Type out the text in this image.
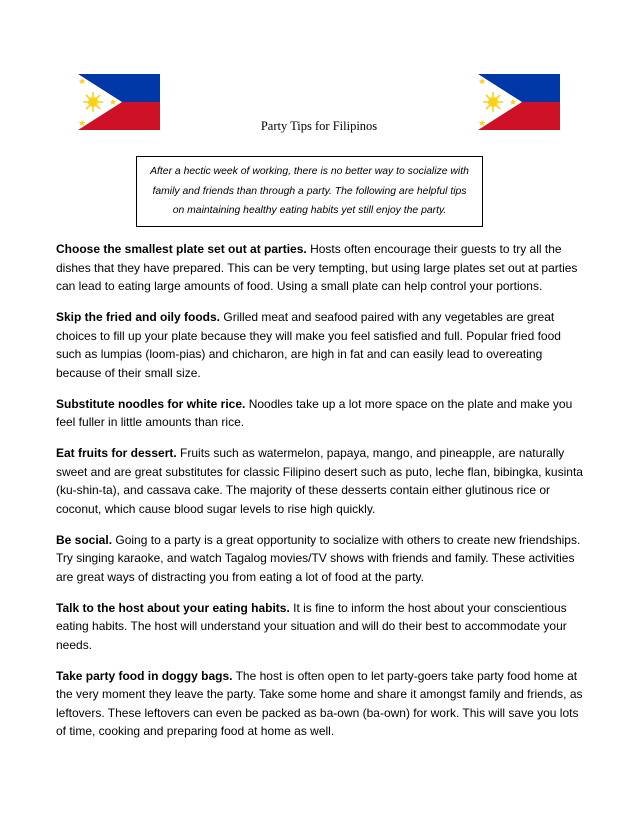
Party Tips for Filipinos
After a hectic week of working, there is no better way to socialize with family and friends than through a party. The following are helpful tips on maintaining healthy eating habits yet still enjoy the party.

Choose the smallest plate set out at parties. Hosts often encourage their guests to try all the dishes that they have prepared. This can be very tempting, but using large plates set out at parties can lead to eating large amounts of food. Using a small plate can help control your portions.

Skip the fried and oily foods. Grilled meat and seafood paired with any vegetables are great choices to fill up your plate because they will make you feel satisfied and full. Popular fried food such as lumpias (loom-pias) and chicharon, are high in fat and can easily lead to overeating because of their small size.

Substitute noodles for white rice. Noodles take up a lot more space on the plate and make you feel fuller in little amounts than rice.

Eat fruits for dessert. Fruits such as watermelon, papaya, mango, and pineapple, are naturally sweet and are great substitutes for classic Filipino desert such as puto, leche flan, bibingka, kusinta (ku-shin-ta), and cassava cake. The majority of these desserts contain either glutinous rice or coconut, which cause blood sugar levels to rise high quickly.

Be social. Going to a party is a great opportunity to socialize with others to create new friendships. Try singing karaoke, and watch Tagalog movies/TV shows with friends and family. These activities are great ways of distracting you from eating a lot of food at the party.

Talk to the host about your eating habits. It is fine to inform the host about your conscientious eating habits. The host will understand your situation and will do their best to accommodate your needs.

Take party food in doggy bags. The host is often open to let party-goers take party food home at the very moment they leave the party. Take some home and share it amongst family and friends, as leftovers. These leftovers can even be packed as ba-own (ba-own) for work. This will save you lots of time, cooking and preparing food at home as well.
